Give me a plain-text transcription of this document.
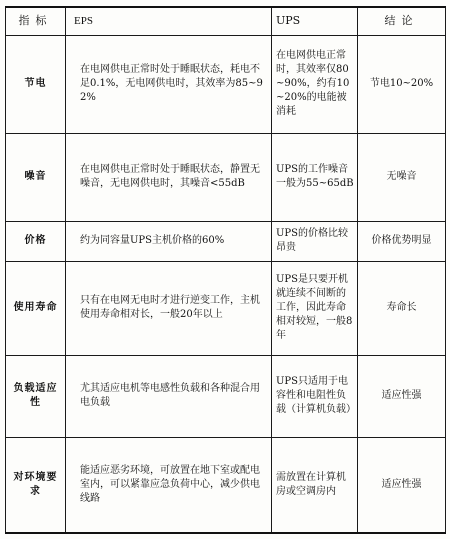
指标	EPS	UPS	结论
节电	在电网供电正常时处于睡眠状态，耗电不足0.1%，无电网供电时，其效率为85~92%	在电网供电正常时，其效率仅80~90%，约有10~20%的电能被消耗	节电10~20%
噪音	在电网供电正常时处于睡眠状态，静置无噪音，无电网供电时，其噪音<55dB	UPS的工作噪音一般为55~65dB	无噪音
价格	约为同容量UPS主机价格的60%	UPS的价格比较昂贵	价格优势明显
使用寿命	只有在电网无电时才进行逆变工作，主机使用寿命相对长，一般20年以上	UPS是只要开机就连续不间断的工作，因此寿命相对较短，一般8年	寿命长
负载适应性	尤其适应电机等电感性负载和各种混合用电负载	UPS只适用于电容性和电阻性负载（计算机负载）	适应性强
对环境要求	能适应恶劣环境，可放置在地下室或配电室内，可以紧靠应急负荷中心，减少供电线路	需放置在计算机房或空调房内	适应性强
